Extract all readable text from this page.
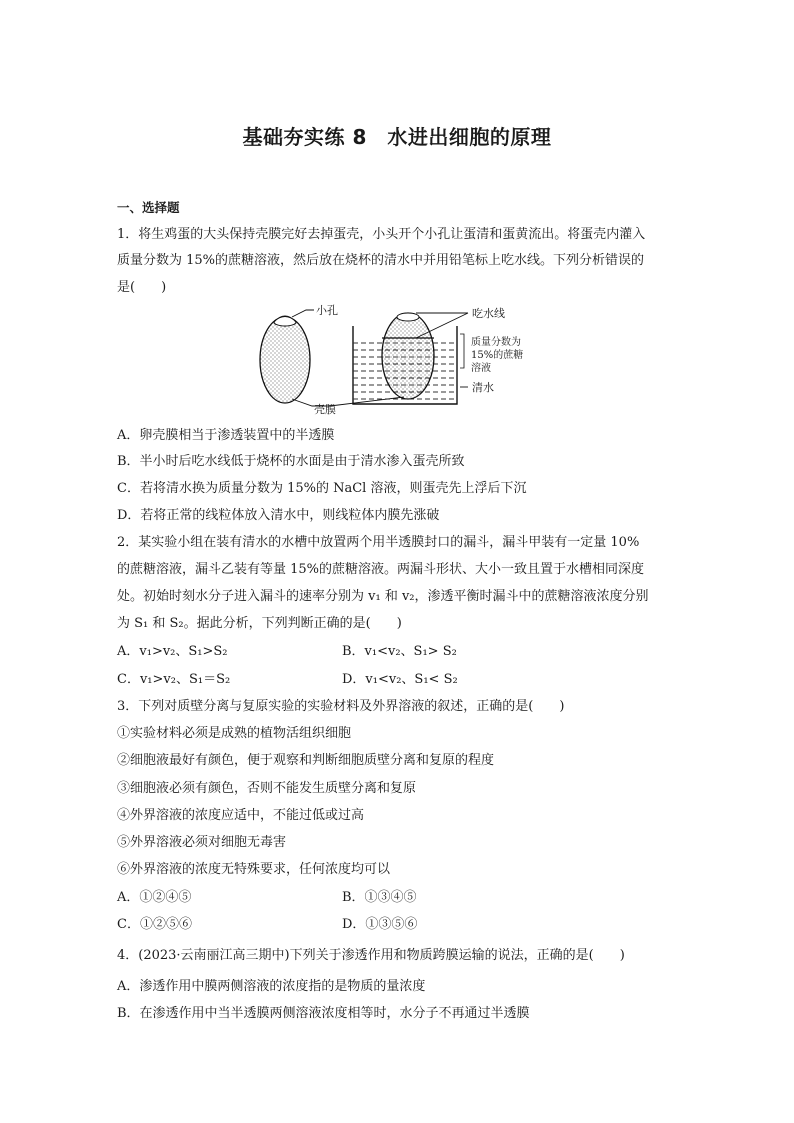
基础夯实练 8　水进出细胞的原理
一、选择题
1．将生鸡蛋的大头保持壳膜完好去掉蛋壳，小头开个小孔让蛋清和蛋黄流出。将蛋壳内灌入
质量分数为 15%的蔗糖溶液，然后放在烧杯的清水中并用铅笔标上吃水线。下列分析错误的
是(　　)
小孔
壳膜
吃水线
质量分数为
15%的蔗糖
溶液
清水
A．卵壳膜相当于渗透装置中的半透膜
B．半小时后吃水线低于烧杯的水面是由于清水渗入蛋壳所致
C．若将清水换为质量分数为 15%的 NaCl 溶液，则蛋壳先上浮后下沉
D．若将正常的线粒体放入清水中，则线粒体内膜先涨破
2．某实验小组在装有清水的水槽中放置两个用半透膜封口的漏斗，漏斗甲装有一定量 10%
的蔗糖溶液，漏斗乙装有等量 15%的蔗糖溶液。两漏斗形状、大小一致且置于水槽相同深度
处。初始时刻水分子进入漏斗的速率分别为 v₁ 和 v₂，渗透平衡时漏斗中的蔗糖溶液浓度分别
为 S₁ 和 S₂。据此分析，下列判断正确的是(　　)
A．v₁>v₂、S₁>S₂	B．v₁<v₂、S₁> S₂
C．v₁>v₂、S₁＝S₂	D．v₁<v₂、S₁< S₂
3．下列对质壁分离与复原实验的实验材料及外界溶液的叙述，正确的是(　　)
①实验材料必须是成熟的植物活组织细胞
②细胞液最好有颜色，便于观察和判断细胞质壁分离和复原的程度
③细胞液必须有颜色，否则不能发生质壁分离和复原
④外界溶液的浓度应适中，不能过低或过高
⑤外界溶液必须对细胞无毒害
⑥外界溶液的浓度无特殊要求，任何浓度均可以
A．①②④⑤	B．①③④⑤
C．①②⑤⑥	D．①③⑤⑥
4．(2023·云南丽江高三期中)下列关于渗透作用和物质跨膜运输的说法，正确的是(　　)
A．渗透作用中膜两侧溶液的浓度指的是物质的量浓度
B．在渗透作用中当半透膜两侧溶液浓度相等时，水分子不再通过半透膜
